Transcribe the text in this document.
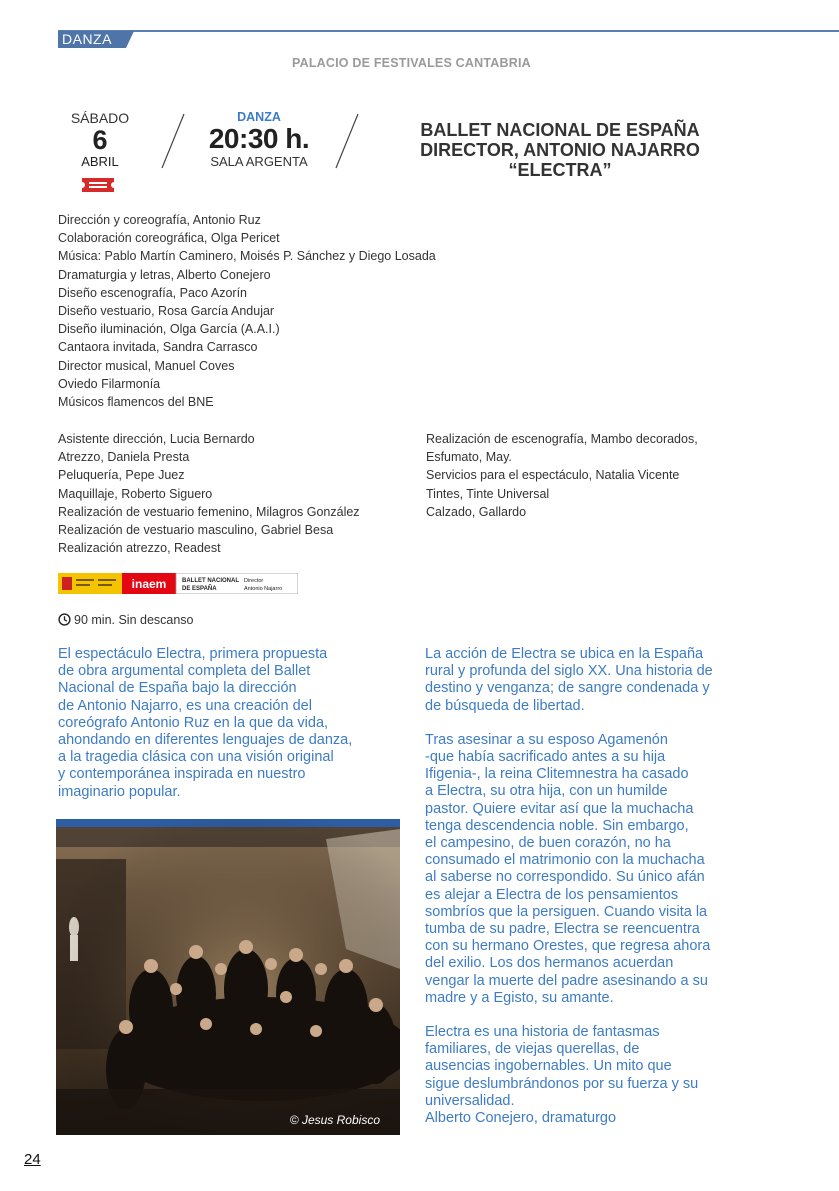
DANZA
PALACIO DE FESTIVALES CANTABRIA
SÁBADO
6
ABRIL
DANZA
20:30 h.
SALA ARGENTA
BALLET NACIONAL DE ESPAÑA
DIRECTOR, ANTONIO NAJARRO
“ELECTRA”
Dirección y coreografía, Antonio Ruz
Colaboración coreográfica, Olga Pericet
Música: Pablo Martín Caminero, Moisés P. Sánchez y Diego Losada
Dramaturgia y letras, Alberto Conejero
Diseño escenografía, Paco Azorín
Diseño vestuario, Rosa García Andujar
Diseño iluminación, Olga García (A.A.I.)
Cantaora invitada, Sandra Carrasco
Director musical, Manuel Coves
Oviedo Filarmonía
Músicos flamencos del BNE
Asistente dirección, Lucia Bernardo
Atrezzo, Daniela Presta
Peluquería, Pepe Juez
Maquillaje, Roberto Siguero
Realización de vestuario femenino, Milagros González
Realización de vestuario masculino, Gabriel Besa
Realización atrezzo, Readest
Realización de escenografía, Mambo decorados,
Esfumato, May.
Servicios para el espectáculo, Natalia Vicente
Tintes, Tinte Universal
Calzado, Gallardo
inaem	BALLET NACIONAL
DE ESPAÑA
Director
Antonio Najarro
90 min. Sin descanso
El espectáculo Electra, primera propuesta
de obra argumental completa del Ballet
Nacional de España bajo la dirección
de Antonio Najarro, es una creación del
coreógrafo Antonio Ruz en la que da vida,
ahondando en diferentes lenguajes de danza,
a la tragedia clásica con una visión original
y contemporánea inspirada en nuestro
imaginario popular.

La acción de Electra se ubica en la España
rural y profunda del siglo XX. Una historia de
destino y venganza; de sangre condenada y
de búsqueda de libertad.

Tras asesinar a su esposo Agamenón
-que había sacrificado antes a su hija
Ifigenia-, la reina Clitemnestra ha casado
a Electra, su otra hija, con un humilde
pastor. Quiere evitar así que la muchacha
tenga descendencia noble. Sin embargo,
el campesino, de buen corazón, no ha
consumado el matrimonio con la muchacha
al saberse no correspondido. Su único afán
es alejar a Electra de los pensamientos
sombríos que la persiguen. Cuando visita la
tumba de su padre, Electra se reencuentra
con su hermano Orestes, que regresa ahora
del exilio. Los dos hermanos acuerdan
vengar la muerte del padre asesinando a su
madre y a Egisto, su amante.

Electra es una historia de fantasmas
familiares, de viejas querellas, de
ausencias ingobernables. Un mito que
sigue deslumbrándonos por su fuerza y su
universalidad.
Alberto Conejero, dramaturgo

© Jesus Robisco
24
